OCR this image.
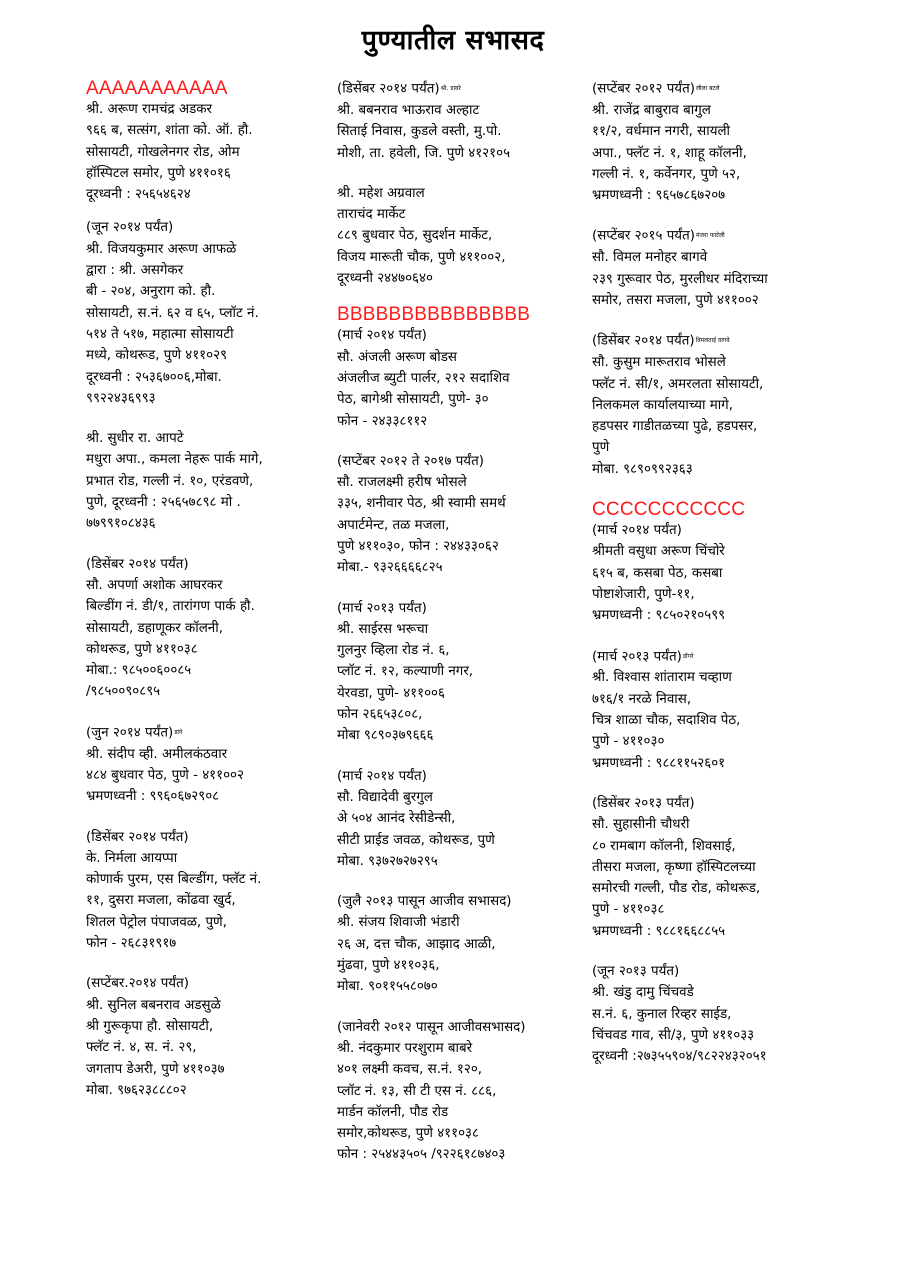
पुण्यातील सभासद
AAAAAAAAAAA
श्री. अरूण रामचंद्र अडकर
९६६ ब, सत्संग, शांता को. ऑ. हौ.
सोसायटी, गोखलेनगर रोड, ओम
हॉस्पिटल समोर, पुणे ४११०१६
दूरध्वनी : २५६५४६२४
(जून २०१४ पर्यंत)
श्री. विजयकुमार अरूण आफळे
द्वारा : श्री. असगेकर
बी - २०४, अनुराग को. हौ.
सोसायटी, स.नं. ६२ व ६५, प्लॉट नं.
५१४ ते ५१७, महात्मा सोसायटी
मध्ये, कोथरूड, पुणे ४११०२९
दूरध्वनी : २५३६७००६,मोबा.
९९२२४३६९९३
श्री. सुधीर रा. आपटे
मधुरा अपा., कमला नेहरू पार्क मागे,
प्रभात रोड, गल्ली नं. १०, एरंडवणे,
पुणे, दूरध्वनी : २५६५७८९८ मो .
७७९९१०८४३६
(डिसेंबर २०१४ पर्यंत)
सौ. अपर्णा अशोक आघरकर
बिल्डींग नं. डी/१, तारांगण पार्क हौ.
सोसायटी, डहाणूकर कॉलनी,
कोथरूड, पुणे ४११०३८
मोबा.: ९८५००६००८५
/९८५००९०८९५
(जुन २०१४ पर्यंत)डांगे
श्री. संदीप व्ही. अमीलकंठवार
४८४ बुधवार पेठ, पुणे - ४११००२
भ्रमणध्वनी : ९९६०६७२९०८
(डिसेंबर २०१४ पर्यंत)
के. निर्मला आयप्पा
कोणार्क पुरम, एस बिल्डींग, फ्लॅट नं.
११, दुसरा मजला, कोंढवा खुर्द,
शितल पेट्रोल पंपाजवळ, पुणे,
फोन - २६८३१९१७
(सप्टेंबर.२०१४ पर्यंत)
श्री. सुनिल बबनराव अडसुळे
श्री गुरूकृपा हौ. सोसायटी,
फ्लॅट नं. ४, स. नं. २९,
जगताप डेअरी, पुणे ४११०३७
मोबा. ९७६२३८८८०२
(डिसेंबर २०१४ पर्यंत)श्री. डावरे
श्री. बबनराव भाऊराव अल्हाट
सिताई निवास, कुडले वस्ती, मु.पो.
मोशी, ता. हवेली, जि. पुणे ४१२१०५
श्री. महेश अग्रवाल
ताराचंद मार्केट
८८९ बुधवार पेठ, सुदर्शन मार्केट,
विजय मारूती चौक, पुणे ४११००२,
दूरध्वनी २४४७०६४०
BBBBBBBBBBBBBBB
(मार्च २०१४ पर्यंत)
सौ. अंजली अरूण बोडस
अंजलीज ब्युटी पार्लर, २१२ सदाशिव
पेठ, बागेश्री सोसायटी, पुणे- ३०
फोन - २४३३८११२
(सप्टेंबर २०१२ ते २०१७ पर्यंत)
सौ. राजलक्ष्मी हरीष भोसले
३३५, शनीवार पेठ, श्री स्वामी समर्थ
अपार्टमेन्ट, तळ मजला,
पुणे ४११०३०, फोन : २४४३३०६२
मोबा.- ९३२६६६६८२५
(मार्च २०१३ पर्यंत)
श्री. साईरस भरूचा
गुलनुर व्हिला रोड नं. ६,
प्लॉट नं. १२, कल्याणी नगर,
येरवडा, पुणे- ४११००६
फोन २६६५३८०८,
मोबा ९८९०३७९६६६
(मार्च २०१४ पर्यंत)
सौ. विद्यादेवी बुरगुल
अे ५०४ आनंद रेसीडेन्सी,
सीटी प्राईड जवळ, कोथरूड, पुणे
मोबा. ९३७२७२७२९५
(जुलै २०१३ पासून आजीव सभासद)
श्री. संजय शिवाजी भंडारी
२६ अ, दत्त चौक, आझाद आळी,
मुंढवा, पुणे ४११०३६,
मोबा. ९०११५५८०७०
(जानेवरी २०१२ पासून आजीवसभासद)
श्री. नंदकुमार परशुराम बाबरे
४०१ लक्ष्मी कवच, स.नं. १२०,
प्लॉट नं. १३, सी टी एस नं. ८८६,
मार्डन कॉलनी, पौड रोड
समोर,कोथरूड, पुणे ४११०३८
फोन : २५४४३५०५ /९२२६१८७४०३
(सप्टेंबर २०१२ पर्यंत)लीला बटले
श्री. राजेंद्र बाबुराव बागुल
११/२, वर्धमान नगरी, सायली
अपा., फ्लॅट नं. १, शाहू कॉलनी,
गल्ली नं. १, कर्वेनगर, पुणे ५२,
भ्रमणध्वनी : ९६५७८६७२०७
(सप्टेंबर २०१५ पर्यंत)मंजरा फाटेली
सौ. विमल मनोहर बागवे
२३९ गुरूवार पेठ, मुरलीधर मंदिराच्या
समोर, तसरा मजला, पुणे ४११००२
(डिसेंबर २०१४ पर्यंत)विमलताई वागवे
सौ. कुसुम मारूतराव भोसले
फ्लॅट नं. सी/१, अमरलता सोसायटी,
निलकमल कार्यालयाच्या मागे,
हडपसर गाडीतळच्या पुढे, हडपसर,
पुणे
मोबा. ९८९०९९२३६३
CCCCCCCCCCC
(मार्च २०१४ पर्यंत)
श्रीमती वसुधा अरूण चिंचोरे
६१५ ब, कसबा पेठ, कसबा
पोष्टाशेजारी, पुणे-११,
भ्रमणध्वनी : ९८५०२१०५९९
(मार्च २०१३ पर्यंत)डोंगरे
श्री. विश्वास शांताराम चव्हाण
७१६/१ नरळे निवास,
चित्र शाळा चौक, सदाशिव पेठ,
पुणे - ४११०३०
भ्रमणध्वनी : ९८८११५२६०१
(डिसेंबर २०१३ पर्यंत)
सौ. सुहासीनी चौधरी
८० रामबाग कॉलनी, शिवसाई,
तीसरा मजला, कृष्णा हॉस्पिटलच्या
समोरची गल्ली, पौड रोड, कोथरूड,
पुणे - ४११०३८
भ्रमणध्वनी : ९८८१६६८८५५
(जून २०१३ पर्यंत)
श्री. खंडु दामु चिंचवडे
स.नं. ६, कुनाल रिव्हर साईड,
चिंचवड गाव, सी/३, पुणे ४११०३३
दूरध्वनी :२७३५५९०४/९८२२४३२०५१
